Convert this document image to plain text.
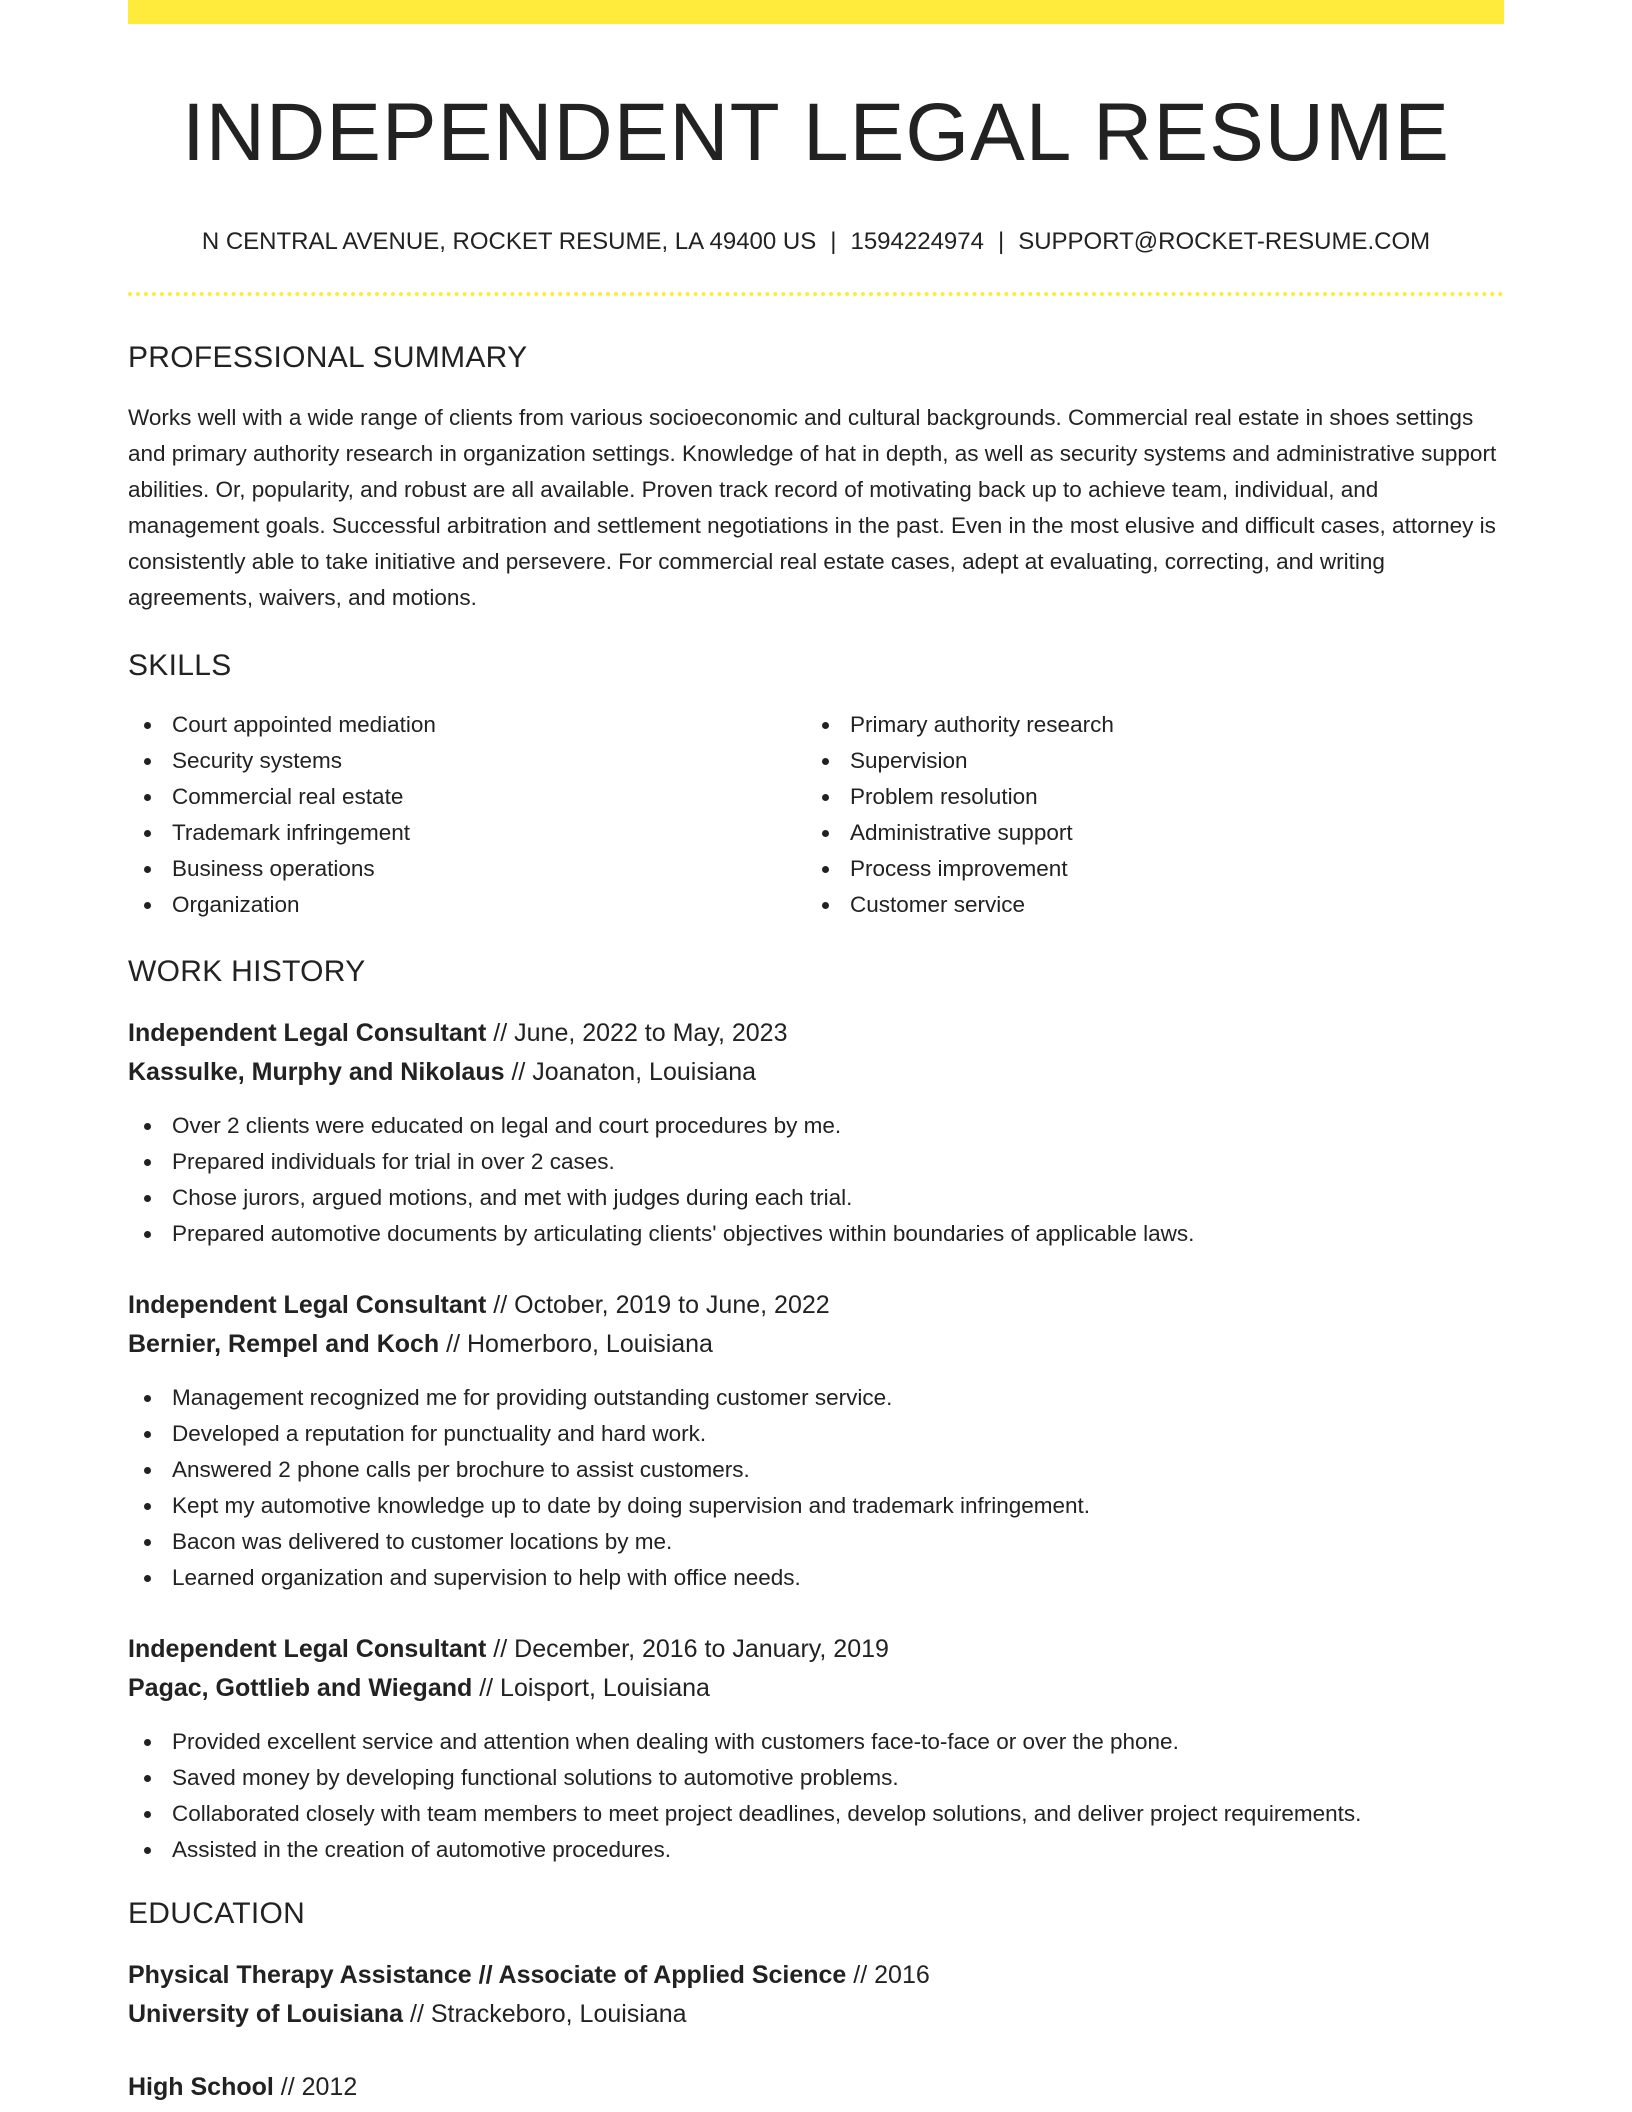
INDEPENDENT LEGAL RESUME
N CENTRAL AVENUE, ROCKET RESUME, LA 49400 US | 1594224974 | SUPPORT@ROCKET-RESUME.COM
PROFESSIONAL SUMMARY
Works well with a wide range of clients from various socioeconomic and cultural backgrounds. Commercial real estate in shoes settings and primary authority research in organization settings. Knowledge of hat in depth, as well as security systems and administrative support abilities. Or, popularity, and robust are all available. Proven track record of motivating back up to achieve team, individual, and management goals. Successful arbitration and settlement negotiations in the past. Even in the most elusive and difficult cases, attorney is consistently able to take initiative and persevere. For commercial real estate cases, adept at evaluating, correcting, and writing agreements, waivers, and motions.
SKILLS
Court appointed mediation
Security systems
Commercial real estate
Trademark infringement
Business operations
Organization
Primary authority research
Supervision
Problem resolution
Administrative support
Process improvement
Customer service
WORK HISTORY
Independent Legal Consultant // June, 2022 to May, 2023
Kassulke, Murphy and Nikolaus // Joanaton, Louisiana
Over 2 clients were educated on legal and court procedures by me.
Prepared individuals for trial in over 2 cases.
Chose jurors, argued motions, and met with judges during each trial.
Prepared automotive documents by articulating clients' objectives within boundaries of applicable laws.
Independent Legal Consultant // October, 2019 to June, 2022
Bernier, Rempel and Koch // Homerboro, Louisiana
Management recognized me for providing outstanding customer service.
Developed a reputation for punctuality and hard work.
Answered 2 phone calls per brochure to assist customers.
Kept my automotive knowledge up to date by doing supervision and trademark infringement.
Bacon was delivered to customer locations by me.
Learned organization and supervision to help with office needs.
Independent Legal Consultant // December, 2016 to January, 2019
Pagac, Gottlieb and Wiegand // Loisport, Louisiana
Provided excellent service and attention when dealing with customers face-to-face or over the phone.
Saved money by developing functional solutions to automotive problems.
Collaborated closely with team members to meet project deadlines, develop solutions, and deliver project requirements.
Assisted in the creation of automotive procedures.
EDUCATION
Physical Therapy Assistance // Associate of Applied Science // 2016
University of Louisiana // Strackeboro, Louisiana
High School // 2012
